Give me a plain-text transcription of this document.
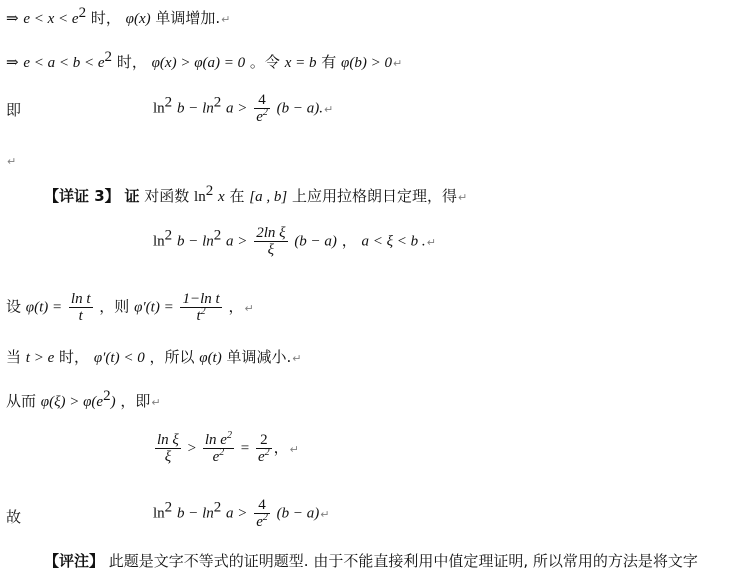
⇒ $e < x < e^2$ 时， φ(x) 单调增加.↵
⇒ $e < a < b < e^2$ 时， φ(x) > φ(a) = 0 。令 x = b 有 φ(b) > 0↵
即	$\ln^2 b - \ln^2 a > \frac{4}{e^2} (b$ − a).↵
↵
【详证 3】 证 对函数 $\ln^2 x$ 在 [a , b] 上应用拉格朗日定理，得↵
$\ln^2 b - \ln^2 a > \frac{\text{2ln ξ}}{\xi} (b - a)$ ， a < ξ < b .↵
设 $\varphi(t) = \frac{\text{ln t}}{t}$ ，则 $\varphi'(t) = \frac{\text{1−ln t}}{t^2}$ ，↵
当 t > e 时， φ′(t) < 0 ，所以 φ(t) 单调减小.↵
从而 $\varphi(\xi) > \varphi(e^2)$ ，即↵
$\frac{\text{ln ξ}}{\xi} > \frac{\ln e^2}{e^2} = \frac{2}{e^2}$ ，↵
故	$\ln^2 b - \ln^2 a > \frac{4}{e^2} (b$ − a)↵
【评注】 此题是文字不等式的证明题型. 由于不能直接利用中值定理证明, 所以常用的方法是将文字
